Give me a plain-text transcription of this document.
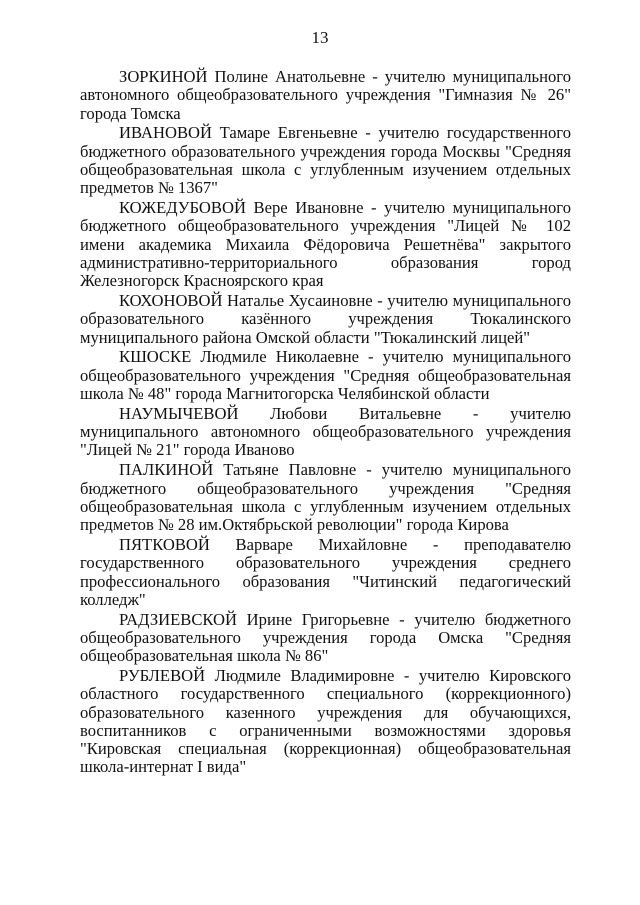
13

ЗОРКИНОЙ Полине Анатольевне - учителю муниципального автономного общеобразовательного учреждения "Гимназия № 26" города Томска

ИВАНОВОЙ Тамаре Евгеньевне - учителю государственного бюджетного образовательного учреждения города Москвы "Средняя общеобразовательная школа с углубленным изучением отдельных предметов № 1367"

КОЖЕДУБОВОЙ Вере Ивановне - учителю муниципального бюджетного общеобразовательного учреждения "Лицей № 102 имени академика Михаила Фёдоровича Решетнёва" закрытого административно-территориального образования город Железногорск Красноярского края

КОХОНОВОЙ Наталье Хусаиновне - учителю муниципального образовательного казённого учреждения Тюкалинского муниципального района Омской области "Тюкалинский лицей"

КШОСКЕ Людмиле Николаевне - учителю муниципального общеобразовательного учреждения "Средняя общеобразовательная школа № 48" города Магнитогорска Челябинской области

НАУМЫЧЕВОЙ Любови Витальевне - учителю муниципального автономного общеобразовательного учреждения "Лицей № 21" города Иваново

ПАЛКИНОЙ Татьяне Павловне - учителю муниципального бюджетного общеобразовательного учреждения "Средняя общеобразовательная школа с углубленным изучением отдельных предметов № 28 им.Октябрьской революции" города Кирова

ПЯТКОВОЙ Варваре Михайловне - преподавателю государственного образовательного учреждения среднего профессионального образования "Читинский педагогический колледж"

РАДЗИЕВСКОЙ Ирине Григорьевне - учителю бюджетного общеобразовательного учреждения города Омска "Средняя общеобразовательная школа № 86"

РУБЛЕВОЙ Людмиле Владимировне - учителю Кировского областного государственного специального (коррекционного) образовательного казенного учреждения для обучающихся, воспитанников с ограниченными возможностями здоровья "Кировская специальная (коррекционная) общеобразовательная школа-интернат I вида"
